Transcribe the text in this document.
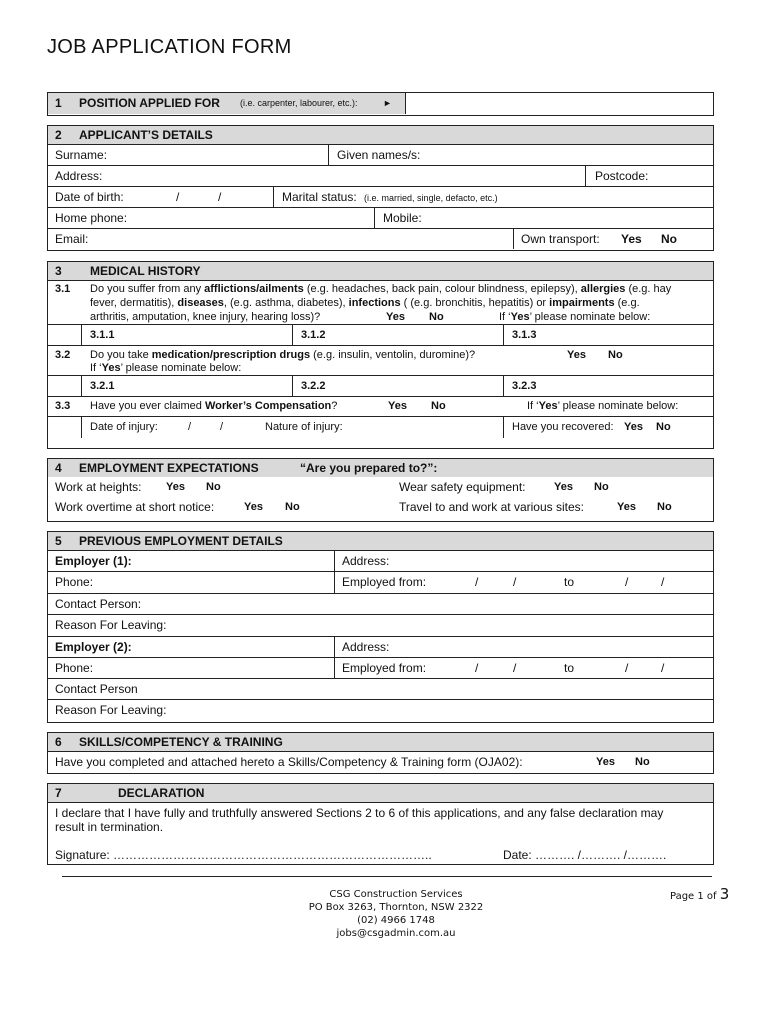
JOB APPLICATION FORM
1 POSITION APPLIED FOR (i.e. carpenter, labourer, etc.):	►
2 APPLICANT’S DETAILS
Surname:	Given names/s:
Address:	Postcode:
Date of birth:	/	/	Marital status: (i.e. married, single, defacto, etc.)
Home phone:	Mobile:
Email:	Own transport: Yes No
3 MEDICAL HISTORY
3.1 Do you suffer from any afflictions/ailments (e.g. headaches, back pain, colour blindness, epilepsy), allergies (e.g. hay
fever, dermatitis), diseases, (e.g. asthma, diabetes), infections ( (e.g. bronchitis, hepatitis) or impairments (e.g.
arthritis, amputation, knee injury, hearing loss)?	Yes No	If ‘Yes’ please nominate below:
3.1.1	3.1.2	3.1.3
3.2 Do you take medication/prescription drugs (e.g. insulin, ventolin, duromine)?	Yes No
If ‘Yes’ please nominate below:
3.2.1	3.2.2	3.2.3
3.3 Have you ever claimed Worker’s Compensation?	Yes No	If ‘Yes’ please nominate below:
Date of injury:	/	/	Nature of injury:	Have you recovered: Yes No
4 EMPLOYMENT EXPECTATIONS	“Are you prepared to?”:
Work at heights: Yes No	Wear safety equipment:	Yes No
Work overtime at short notice:	Yes No	Travel to and work at various sites:	Yes No
5 PREVIOUS EMPLOYMENT DETAILS
Employer (1):	Address:
Phone:	Employed from:	/	/	to	/	/
Contact Person:
Reason For Leaving:
Employer (2):	Address:
Phone:	Employed from:	/	/	to	/	/
Contact Person
Reason For Leaving:
6 SKILLS/COMPETENCY & TRAINING
Have you completed and attached hereto a Skills/Competency & Training form (OJA02):	Yes No
7	DECLARATION
I declare that I have fully and truthfully answered Sections 2 to 6 of this applications, and any false declaration may
result in termination.
Signature: ……………………………………………………………………..	Date: ………. /………. /……….
CSG Construction Services
PO Box 3263, Thornton, NSW 2322
(02) 4966 1748
jobs@csgadmin.com.au
Page 1 of 3
